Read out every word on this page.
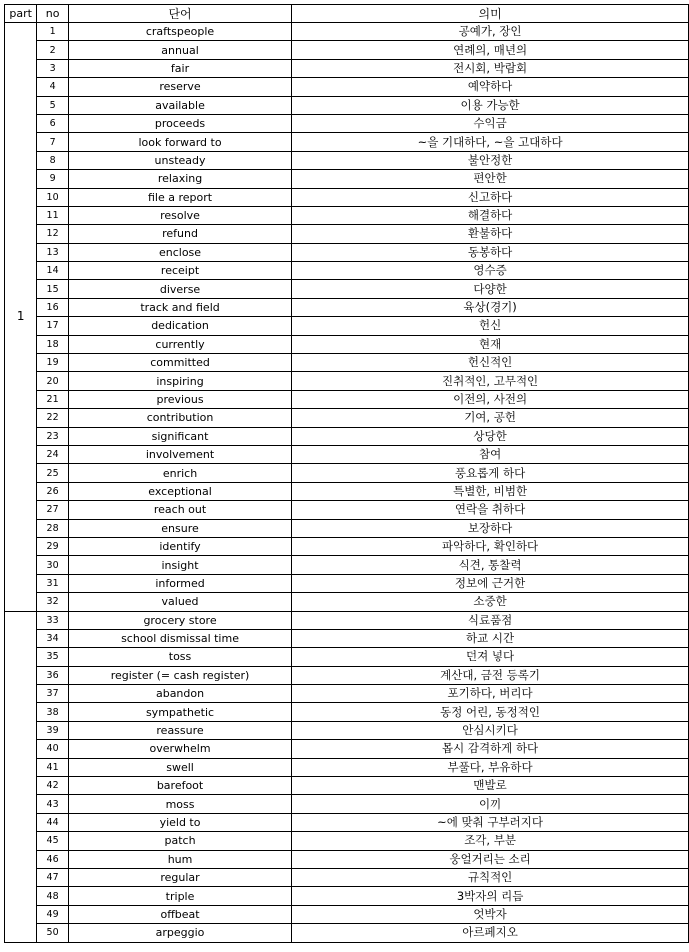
part	no	단어	의미
1	1	craftspeople	공예가, 장인
	2	annual	연례의, 매년의
	3	fair	전시회, 박람회
	4	reserve	예약하다
	5	available	이용 가능한
	6	proceeds	수익금
	7	look forward to	~을 기대하다, ~을 고대하다
	8	unsteady	불안정한
	9	relaxing	편안한
	10	file a report	신고하다
	11	resolve	해결하다
	12	refund	환불하다
	13	enclose	동봉하다
	14	receipt	영수증
	15	diverse	다양한
	16	track and field	육상(경기)
	17	dedication	헌신
	18	currently	현재
	19	committed	헌신적인
	20	inspiring	진취적인, 고무적인
	21	previous	이전의, 사전의
	22	contribution	기여, 공헌
	23	significant	상당한
	24	involvement	참여
	25	enrich	풍요롭게 하다
	26	exceptional	특별한, 비범한
	27	reach out	연락을 취하다
	28	ensure	보장하다
	29	identify	파악하다, 확인하다
	30	insight	식견, 통찰력
	31	informed	정보에 근거한
	32	valued	소중한
	33	grocery store	식료품점
	34	school dismissal time	하교 시간
	35	toss	던져 넣다
	36	register (= cash register)	계산대, 금전 등록기
	37	abandon	포기하다, 버리다
	38	sympathetic	동정 어린, 동정적인
	39	reassure	안심시키다
	40	overwhelm	몹시 감격하게 하다
	41	swell	부풀다, 부유하다
	42	barefoot	맨발로
	43	moss	이끼
	44	yield to	~에 맞춰 구부러지다
	45	patch	조각, 부분
	46	hum	웅얼거리는 소리
	47	regular	규칙적인
	48	triple	3박자의 리듬
	49	offbeat	엇박자
	50	arpeggio	아르페지오
